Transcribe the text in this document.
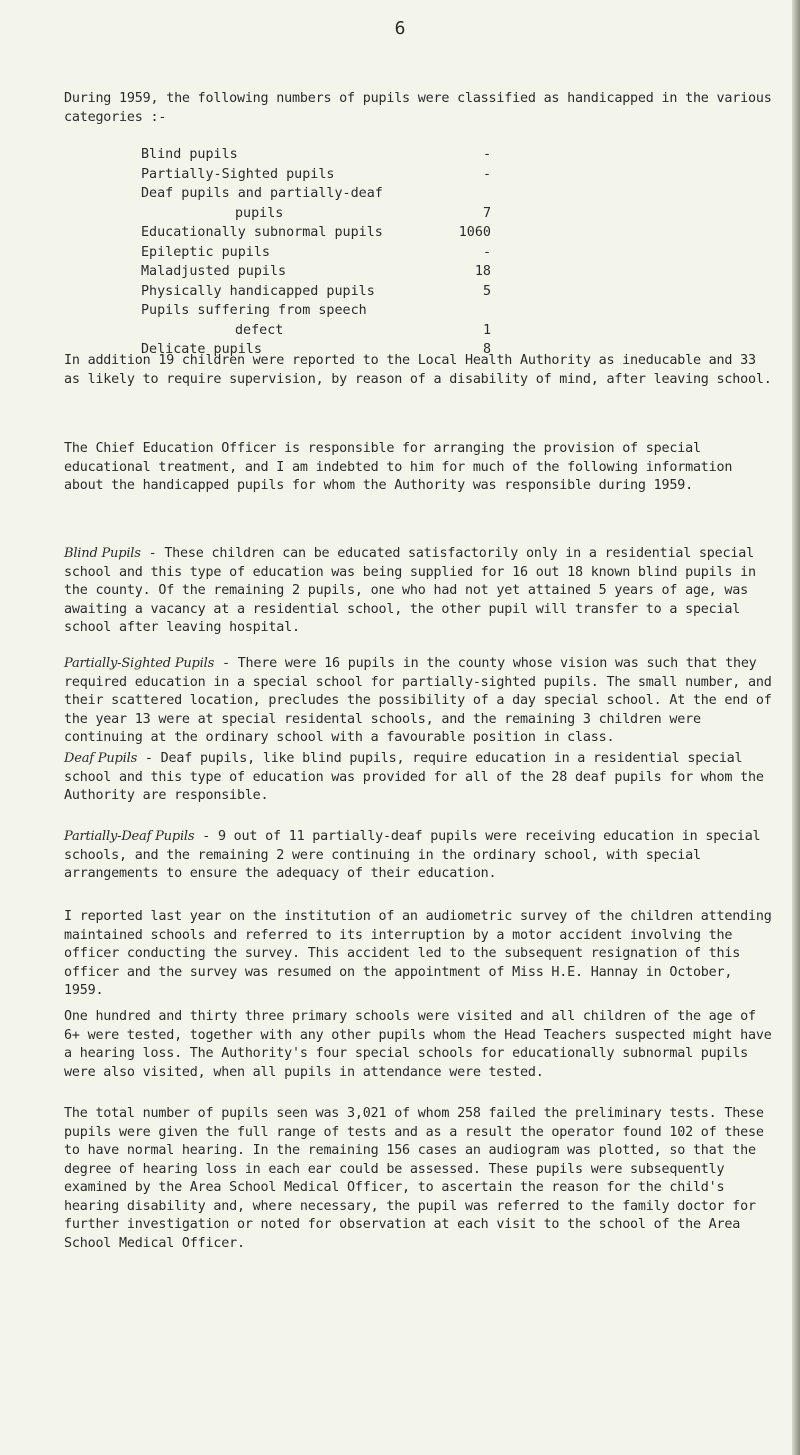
6

During 1959, the following numbers of pupils were classified as handicapped in the various categories :-

Blind pupils	-
Partially-Sighted pupils	-
Deaf pupils and partially-deaf
pupils	7
Educationally subnormal pupils	1060
Epileptic pupils	-
Maladjusted pupils	18
Physically handicapped pupils	5
Pupils suffering from speech
defect	1
Delicate pupils	8

In addition 19 children were reported to the Local Health Authority as ineducable and 33 as likely to require supervision, by reason of a disability of mind, after leaving school.

The Chief Education Officer is responsible for arranging the provision of special educational treatment, and I am indebted to him for much of the following information about the handicapped pupils for whom the Authority was responsible during 1959.

Blind Pupils - These children can be educated satisfactorily only in a residential special school and this type of education was being supplied for 16 out 18 known blind pupils in the county. Of the remaining 2 pupils, one who had not yet attained 5 years of age, was awaiting a vacancy at a residential school, the other pupil will transfer to a special school after leaving hospital.

Partially-Sighted Pupils - There were 16 pupils in the county whose vision was such that they required education in a special school for partially-sighted pupils. The small number, and their scattered location, precludes the possibility of a day special school. At the end of the year 13 were at special residental schools, and the remaining 3 children were continuing at the ordinary school with a favourable position in class.

Deaf Pupils - Deaf pupils, like blind pupils, require education in a residential special school and this type of education was provided for all of the 28 deaf pupils for whom the Authority are responsible.

Partially-Deaf Pupils - 9 out of 11 partially-deaf pupils were receiving education in special schools, and the remaining 2 were continuing in the ordinary school, with special arrangements to ensure the adequacy of their education.

I reported last year on the institution of an audiometric survey of the children attending maintained schools and referred to its interruption by a motor accident involving the officer conducting the survey. This accident led to the subsequent resignation of this officer and the survey was resumed on the appointment of Miss H.E. Hannay in October, 1959.

One hundred and thirty three primary schools were visited and all children of the age of 6+ were tested, together with any other pupils whom the Head Teachers suspected might have a hearing loss. The Authority's four special schools for educationally subnormal pupils were also visited, when all pupils in attendance were tested.

The total number of pupils seen was 3,021 of whom 258 failed the preliminary tests. These pupils were given the full range of tests and as a result the operator found 102 of these to have normal hearing. In the remaining 156 cases an audiogram was plotted, so that the degree of hearing loss in each ear could be assessed. These pupils were subsequently examined by the Area School Medical Officer, to ascertain the reason for the child's hearing disability and, where necessary, the pupil was referred to the family doctor for further investigation or noted for observation at each visit to the school of the Area School Medical Officer.
